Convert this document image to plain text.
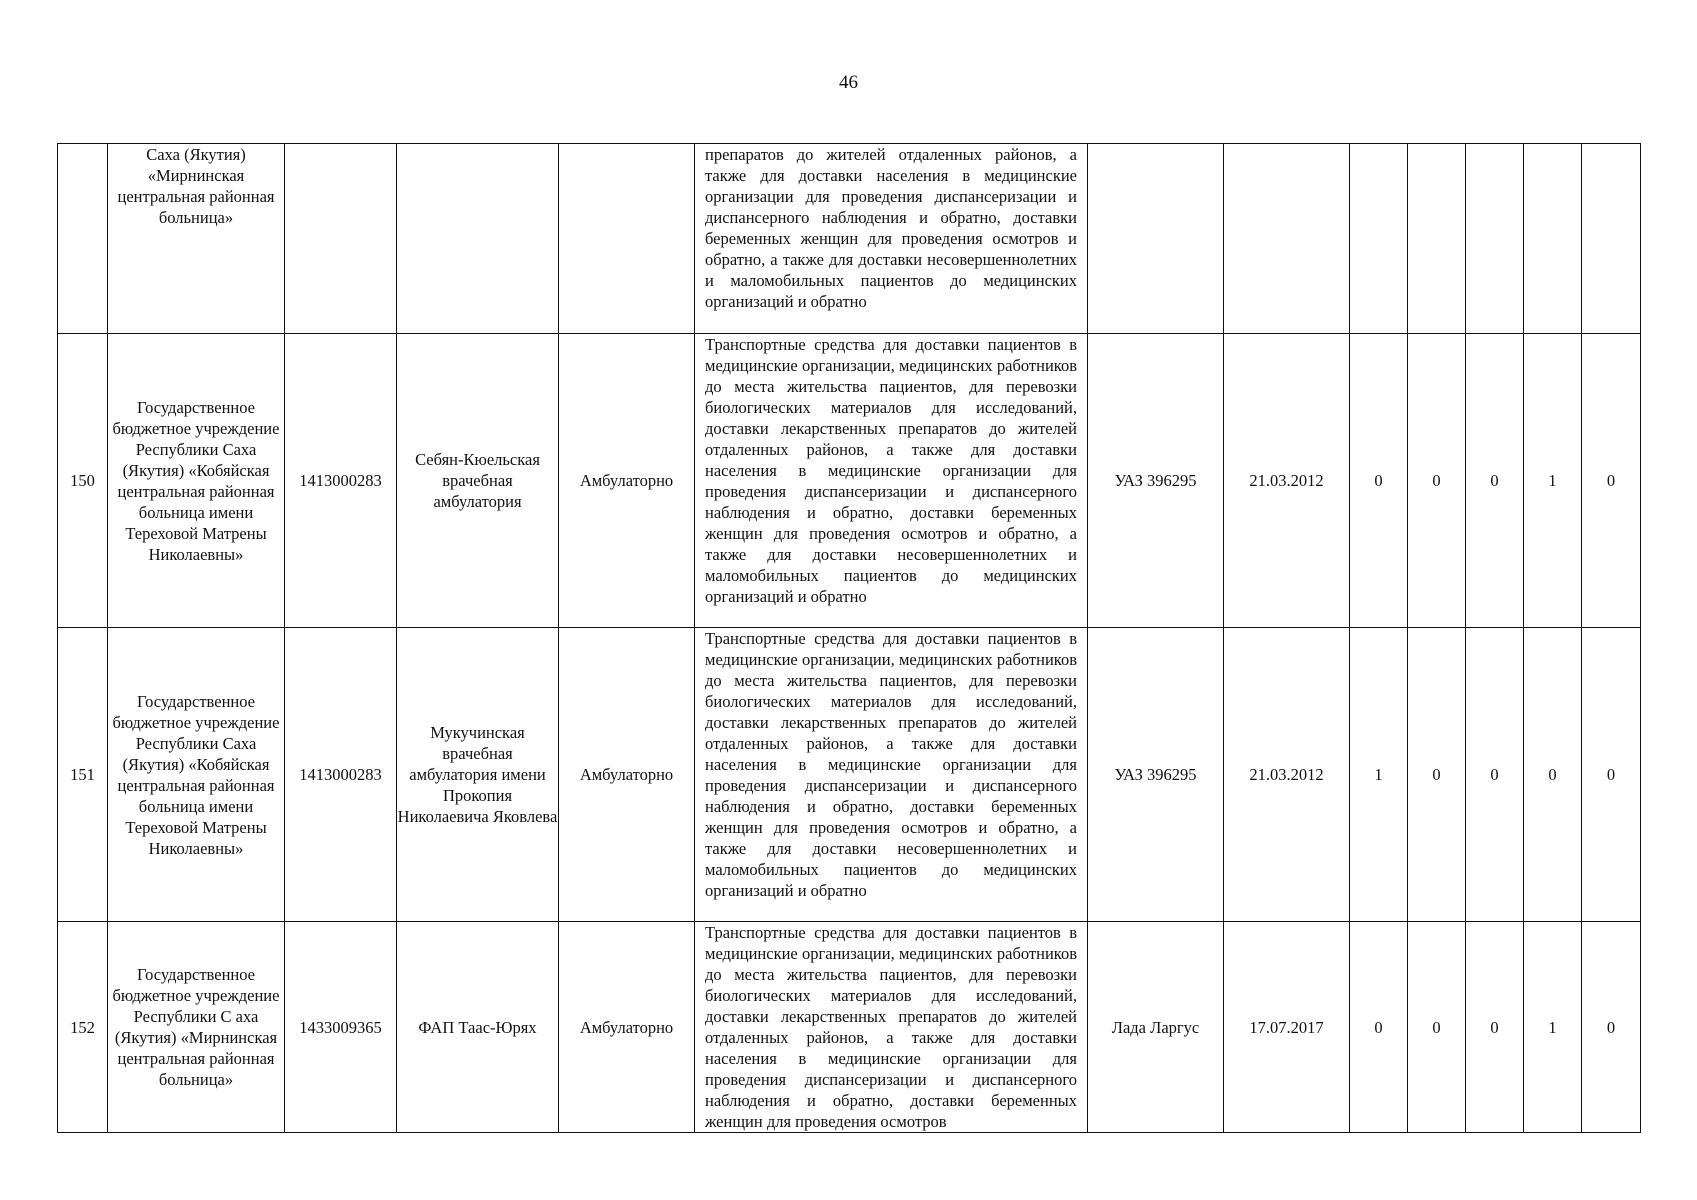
46
	Саха (Якутия) «Мирнинская центральная районная больница»				препаратов до жителей отдаленных районов, а также для доставки населения в медицинские организации для проведения диспансеризации и диспансерного наблюдения и обратно, доставки беременных женщин для проведения осмотров и обратно, а также для доставки несовершеннолетних и маломобильных пациентов до медицинских организаций и обратно							
150	Государственное бюджетное учреждение Республики Саха (Якутия) «Кобяйская центральная районная больница имени Тереховой Матрены Николаевны»	1413000283	Себян-Кюельская врачебная амбулатория	Амбулаторно	Транспортные средства для доставки пациентов в медицинские организации, медицинских работников до места жительства пациентов, для перевозки биологических материалов для исследований, доставки лекарственных препаратов до жителей отдаленных районов, а также для доставки населения в медицинские организации для проведения диспансеризации и диспансерного наблюдения и обратно, доставки беременных женщин для проведения осмотров и обратно, а также для доставки несовершеннолетних и маломобильных пациентов до медицинских организаций и обратно	УАЗ 396295	21.03.2012	0	0	0	1	0
151	Государственное бюджетное учреждение Республики Саха (Якутия) «Кобяйская центральная районная больница имени Тереховой Матрены Николаевны»	1413000283	Мукучинская врачебная амбулатория имени Прокопия Николаевича Яковлева	Амбулаторно	Транспортные средства для доставки пациентов в медицинские организации, медицинских работников до места жительства пациентов, для перевозки биологических материалов для исследований, доставки лекарственных препаратов до жителей отдаленных районов, а также для доставки населения в медицинские организации для проведения диспансеризации и диспансерного наблюдения и обратно, доставки беременных женщин для проведения осмотров и обратно, а также для доставки несовершеннолетних и маломобильных пациентов до медицинских организаций и обратно	УАЗ 396295	21.03.2012	1	0	0	0	0
152	Государственное бюджетное учреждение Республики С аха (Якутия) «Мирнинская центральная районная больница»	1433009365	ФАП Таас-Юрях	Амбулаторно	Транспортные средства для доставки пациентов в медицинские организации, медицинских работников до места жительства пациентов, для перевозки биологических материалов для исследований, доставки лекарственных препаратов до жителей отдаленных районов, а также для доставки населения в медицинские организации для проведения диспансеризации и диспансерного наблюдения и обратно, доставки беременных женщин для проведения осмотров	Лада Ларгус	17.07.2017	0	0	0	1	0
